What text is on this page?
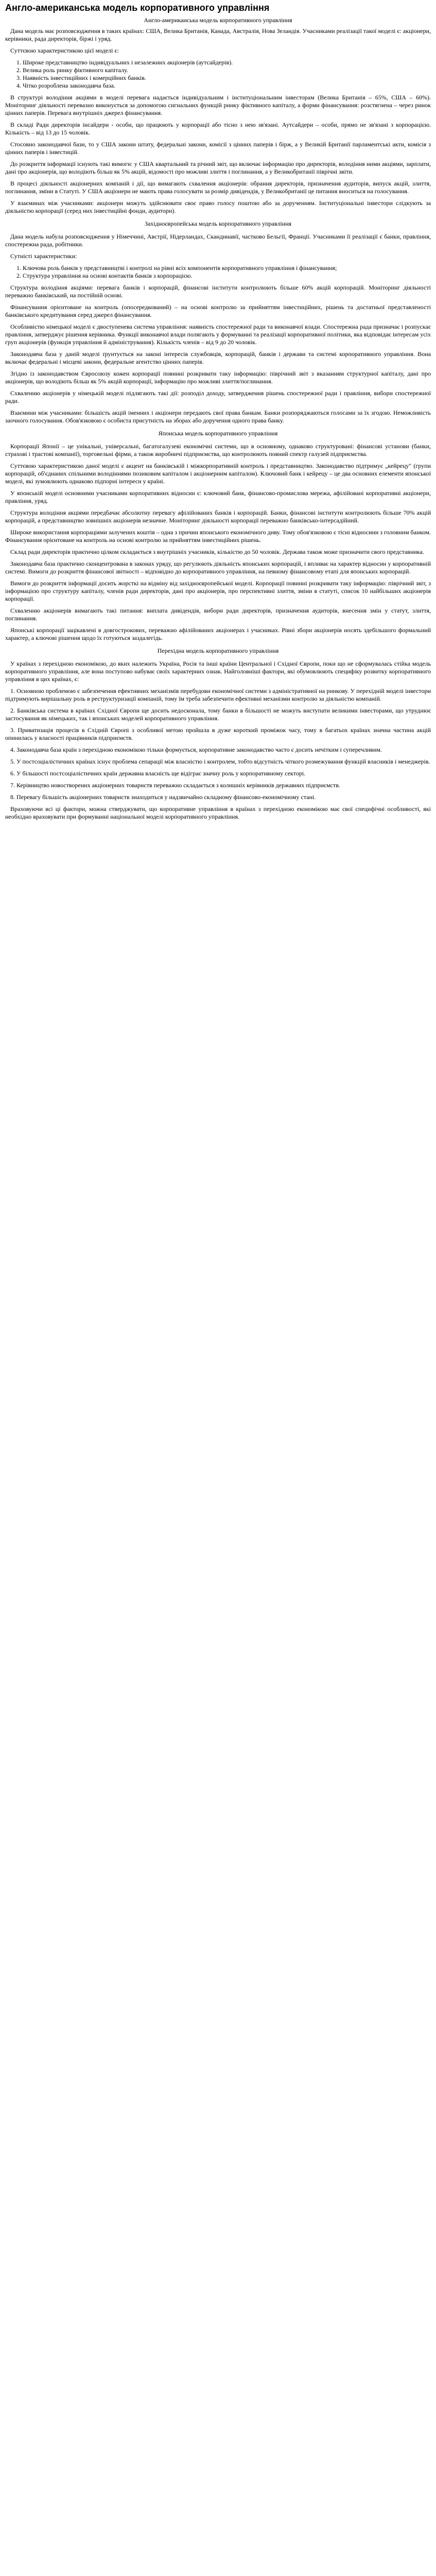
Англо-американська модель корпоративного управління
Англо-американська модель корпоративного управління

Дана модель має розповсюдження в таких країнах: США, Велика Британія, Канада, Австралія, Нова Зеландія. Учасниками реалізації такої моделі є: акціонери, керівники, рада директорів, біржі і уряд.

Суттєвою характеристикою цієї моделі є:

1. Широке представництво індивідуальних і незалежних акціонерів (аутсайдерів).
2. Велика роль ринку фіктивного капіталу.
3. Наявність інвестиційних і комерційних банків.
4. Чітко розроблена законодавча база.

В структурі володіння акціями в моделі перевага надається індивідуальним і інституціональним інвесторам (Велика Британія – 65%, США – 60%). Моніторинг діяльності перевазно виконується за допомогою сигнальних функцій ринку фіктивного капіталу, а форми фінансування: розстягнена – через ринок цінних паперів. Перевага внутрішніх джерел фінансування.

В складі Ради директорів інсайдери - особи, що працюють у корпорації або тісно з нею зв'язані. Аутсайдери – особи, прямо не зв'язані з корпорацією. Кількість – від 13 до 15 чоловік.

Стосовно законодавчої бази, то у США закони штату, федеральні закони, комісії з цінних паперів і бірж, а у Великій Британії парламентські акти, комісія з цінних паперів і інвестицій.

До розкриття інформації існують такі вимоги: у США квартальний та річний звіт, що включає інформацію про директорів, володіння ними акціями, зарплати, дані про акціонерів, що володіють більш як 5% акцій, відомості про можливі злиття і поглинання, а у Великобританії піврічні звіти.

В процесі діяльності акціонерних компаній і дії, що вимагають схвалення акціонерів: обрання директорів, призначення аудиторів, випуск акцій, злиття, поглинання, зміни в Статуті. У США акціонери не мають права голосувати за розмір дивідендів, у Великобританії це питання вноситься на голосування.

У взаєминах між учасниками: акціонери можуть здійснювати своє право голосу поштою або за дорученням. Інституціональні інвестори слідкують за діяльністю корпорації (серед них інвестиційні фонди, аудитори).

Західноєвропейська модель корпоративного управління

Дана модель набула розповсюдження у Німеччині, Австрії, Нідерландах, Скандинавії, частково Бельгії, Франції. Учасниками її реалізації є банки, правління, спостережна рада, робітники.

Сутністі характеристики:

1. Ключова роль банків у представництві і контролі на рівні всіх компонентів корпоративного управління і фінансування;
2. Структура управління на основі контактів банків з корпорацією.

Структура володіння акціями: перевага банків і корпорацій, фінансові інститути контролюють більше 60% акцій корпорацій. Моніторинг діяльності переважно банківський, на постійній основі.

Фінансування орієнтоване на контроль (опосередкований) – на основі контролю за прийняттям інвестиційних, рішень та достатньої представленості банківського кредитування серед джерел фінансування.

Особливістю німецької моделі є двоступенева система управління: наявність спостережної ради та виконавчої влади. Спостережна рада призначає і розпускає правління, затверджує рішення керівника. Функції виконавчої влади полягають у формуванні та реалізації корпоративної політики, яка відповідає інтересам усіх груп акціонерів (функція управління й адміністрування). Кількість членів – від 9 до 20 чоловік.

Законодавча база у даній моделі ґрунтується на законі інтересів службовців, корпорацій, банків і держави та системі корпоративного управління. Вона включає федеральні і місцеві закони, федеральне агентство цінних паперів.

Згідно із законодавством Євросоюзу кожен корпорації повинні розкривати таку інформацію: піврічний звіт з вказанням структурної капіталу, дані про акціонерів, що володіють більш як 5% акцій корпорації, інформацію про можливі злиття/поглинання.

Схваленню акціонерів у німецькій моделі підлягають такі дії: розподіл доходу, затвердження рішень спостережної ради і правління, вибори спостережної ради.

Взаємини між учасниками: більшість акцій іменних і акціонери передають свої права банкам. Банки розпоряджаються голосами за їх згодою. Неможливість заочного голосування. Обов'язковою є особиста присутність на зборах або доручення одного права банку.

Японська модель корпоративного управління

Корпорації Японії – це унікальні, універсальні, багатогалузеві економічні системи, що в основному, однаково структуровані: фінансові установи (банки, страхові і трастові компанії), торговельні фірми, а також виробничі підприємства, що контролюють повний спектр галузей підприємства.

Суттєвою характеристикою даної моделі є акцент на банківській і міжкорпоративній контроль і представництво. Законодавство підтримує „кейрецу" (групи корпорацій, об'єднаних спільними володіннями позиковим капіталом і акціонерним капіталом). Ключовий банк і кейрецу – це два основних елементи японської моделі, які зумовлюють однаково підпорні інтереси у країні.

У японській моделі основними учасниками корпоративних відносин є: ключовий банк, фінансово-промислова мережа, афілійовані корпоративні акціонери, правління, уряд.

Структура володіння акціями передбачає абсолютну перевагу афілійованих банків і корпорацій. Банки, фінансові інститути контролюють більше 70% акцій корпорацій, а представництво зовнішніх акціонерів незначне. Моніторинг діяльності корпорації переважно банківсько-інтерсадійний.

Широке використання корпораціями залучених коштів – одна з причин японського економічного диву. Тому обов'язковою є тісні відносини з головним банком. Фінансування орієнтоване на контроль на основі контролю за прийняттям інвестиційних рішень.

Склад ради директорів практично цілком складається з внутрішніх учасників, кількістю до 50 чоловік. Держава також може призначити свого представника.

Законодавча база практично сконцентрована в законах уряду, що регулюють діяльність японських корпорацій, і впливає на характер відносин у корпоративній системі. Вимоги до розкриття фінансової звітності – відповідно до корпоративного управління, на певному фінансовому етапі для японських корпорацій.

Вимоги до розкриття інформації досить жорсткі на відміну від західноєвропейської моделі. Корпорації повинні розкривати таку інформацію: піврічний звіт, з інформацією про структуру капіталу, членів ради директорів, дані про акціонерів, про перспективні злиття, зміни в статуті, список 10 найбільших акціонерів корпорації.

Схваленню акціонерів вимагають такі питання: виплата дивідендів, вибори ради директорів, призначення аудиторів, внесення змін у статут, злиття, поглинання.

Японські корпорації зацікавлені в довгострокових, переважно афілійованих акціонерах і учасниках. Рівні збори акціонерів носять здебільшого формальний характер, а ключові рішення щодо їх готуються заздалегідь.

Перехідна модель корпоративного управління

У країнах з перехідною економікою, до яких належить Україна, Росія та інші країни Центральної і Східної Європи, поки що не сформувалась стійка модель корпоративного управління, але вона поступово набуває своїх характерних ознак. Найголовніші фактори, які обумовлюють специфіку розвитку корпоративного управління в цих країнах, є:

1. Основною проблемою є забезпечення ефективних механізмів перебудови економічної системи з адміністративної на ринкову. У перехідній моделі інвестори підтримують вирішальну роль в реструктуризації компаній, тому їм треба забезпечити ефективні механізми контролю за діяльністю компаній.

2. Банківська система в країнах Східної Європи ще досить недосконала, тому банки в більшості не можуть виступати великими інвесторами, що утруднює застосування як німецьких, так і японських моделей корпоративного управління.

3. Приватизація процесів в Східній Європі з особливої метою пройшла в дуже короткий проміжок часу, тому в багатьох країнах значна частина акцій опинилась у власності працівників підприємств.

4. Законодавча база країн з перехідною економікою тільки формується, корпоративне законодавство часто є досить нечітким і суперечливим.

5. У постсоціалістичних країнах існує проблема сепарації між власністю і контролем, тобто відсутність чіткого розмежування функцій власників і менеджерів.

6. У більшості постсоціалістичних країн державна власність ще відіграє значну роль у корпоративному секторі.

7. Керівництво новостворених акціонерних товариств переважно складається з колишніх керівників державних підприємств.

8. Перевагу більшість акціонерних товариств знаходиться у надзвичайно складному фінансово-економічному стані.

Враховуючи всі ці фактори, можна стверджувати, що корпоративне управління в країнах з перехідною економікою має свої специфічні особливості, які необхідно враховувати при формуванні національної моделі корпоративного управління.
